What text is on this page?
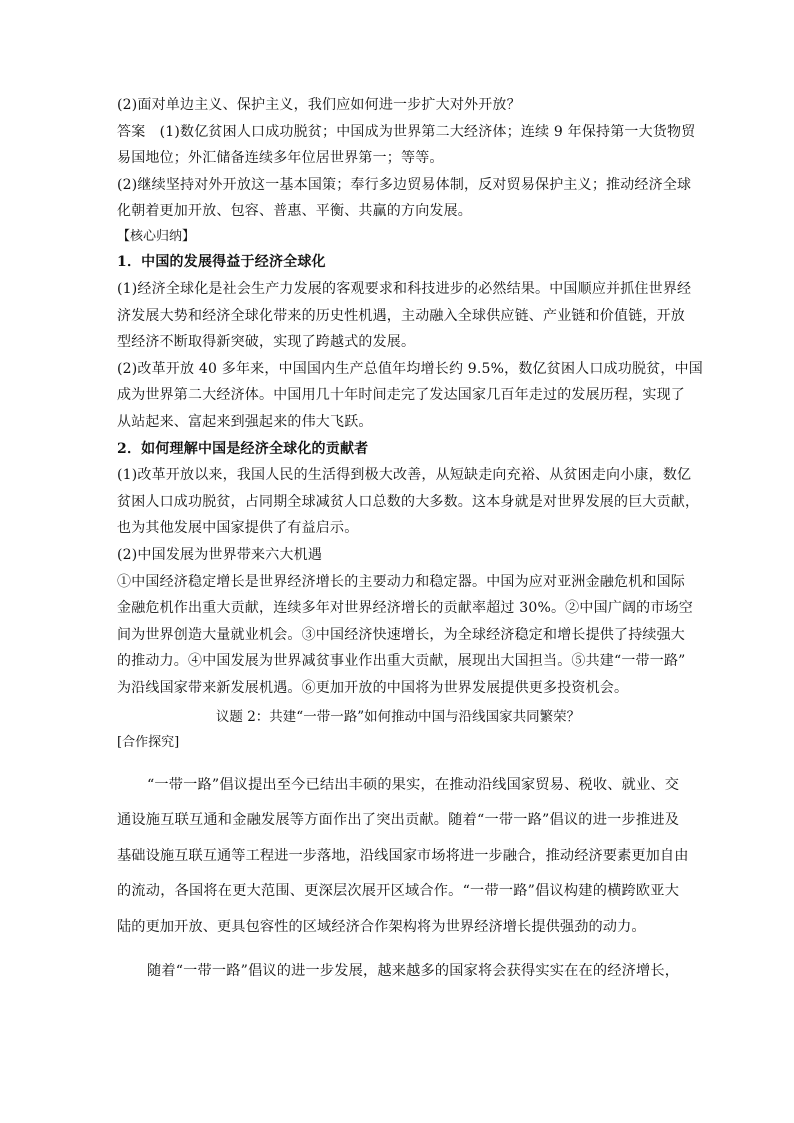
(2)面对单边主义、保护主义，我们应如何进一步扩大对外开放？
答案　(1)数亿贫困人口成功脱贫；中国成为世界第二大经济体；连续 9 年保持第一大货物贸
易国地位；外汇储备连续多年位居世界第一；等等。
(2)继续坚持对外开放这一基本国策；奉行多边贸易体制，反对贸易保护主义；推动经济全球
化朝着更加开放、包容、普惠、平衡、共赢的方向发展。
【核心归纳】
1．中国的发展得益于经济全球化
(1)经济全球化是社会生产力发展的客观要求和科技进步的必然结果。中国顺应并抓住世界经
济发展大势和经济全球化带来的历史性机遇，主动融入全球供应链、产业链和价值链，开放
型经济不断取得新突破，实现了跨越式的发展。
(2)改革开放 40 多年来，中国国内生产总值年均增长约 9.5%，数亿贫困人口成功脱贫，中国
成为世界第二大经济体。中国用几十年时间走完了发达国家几百年走过的发展历程，实现了
从站起来、富起来到强起来的伟大飞跃。
2．如何理解中国是经济全球化的贡献者
(1)改革开放以来，我国人民的生活得到极大改善，从短缺走向充裕、从贫困走向小康，数亿
贫困人口成功脱贫，占同期全球减贫人口总数的大多数。这本身就是对世界发展的巨大贡献，
也为其他发展中国家提供了有益启示。
(2)中国发展为世界带来六大机遇
①中国经济稳定增长是世界经济增长的主要动力和稳定器。中国为应对亚洲金融危机和国际
金融危机作出重大贡献，连续多年对世界经济增长的贡献率超过 30%。②中国广阔的市场空
间为世界创造大量就业机会。③中国经济快速增长，为全球经济稳定和增长提供了持续强大
的推动力。④中国发展为世界减贫事业作出重大贡献，展现出大国担当。⑤共建“一带一路”
为沿线国家带来新发展机遇。⑥更加开放的中国将为世界发展提供更多投资机会。
议题 2：共建“一带一路”如何推动中国与沿线国家共同繁荣？
[合作探究]
“一带一路”倡议提出至今已结出丰硕的果实，在推动沿线国家贸易、税收、就业、交
通设施互联互通和金融发展等方面作出了突出贡献。随着“一带一路”倡议的进一步推进及
基础设施互联互通等工程进一步落地，沿线国家市场将进一步融合，推动经济要素更加自由
的流动，各国将在更大范围、更深层次展开区域合作。“一带一路”倡议构建的横跨欧亚大
陆的更加开放、更具包容性的区域经济合作架构将为世界经济增长提供强劲的动力。
随着“一带一路”倡议的进一步发展，越来越多的国家将会获得实实在在的经济增长，
